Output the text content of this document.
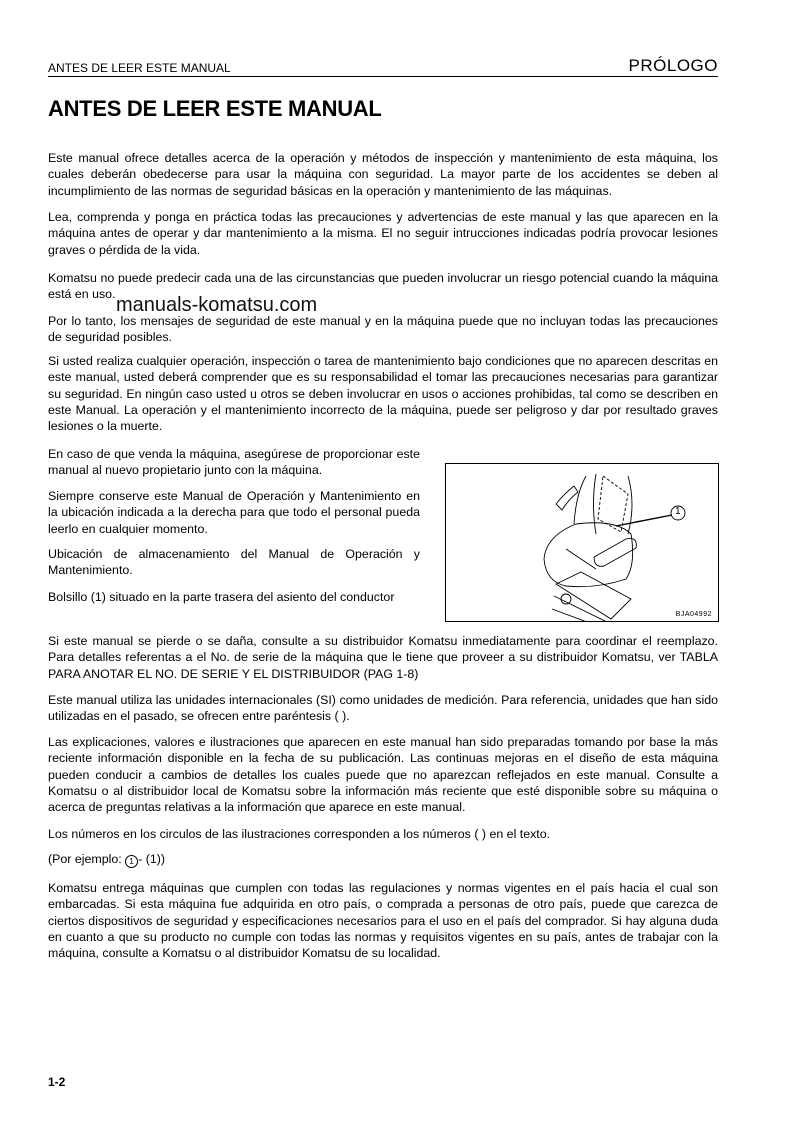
ANTES DE LEER ESTE MANUAL	PRÓLOGO
ANTES DE LEER ESTE MANUAL

Este manual ofrece detalles acerca de la operación y métodos de inspección y mantenimiento de esta máquina, los cuales deberán obedecerse para usar la máquina con seguridad. La mayor parte de los accidentes se deben al incumplimiento de las normas de seguridad básicas en la operación y mantenimiento de las máquinas.

Lea, comprenda y ponga en práctica todas las precauciones y advertencias de este manual y las que aparecen en la máquina antes de operar y dar mantenimiento a la misma. El no seguir intrucciones indicadas podría provocar lesiones graves o pérdida de la vida.

Komatsu no puede predecir cada una de las circunstancias que pueden involucrar un riesgo potencial cuando la máquina está en uso. manuals-komatsu.com

Por lo tanto, los mensajes de seguridad de este manual y en la máquina puede que no incluyan todas las precauciones de seguridad posibles.

Si usted realiza cualquier operación, inspección o tarea de mantenimiento bajo condiciones que no aparecen descritas en este manual, usted deberá comprender que es su responsabilidad el tomar las precauciones necesarias para garantizar su seguridad. En ningún caso usted u otros se deben involucrar en usos o acciones prohibidas, tal como se describen en este Manual. La operación y el mantenimiento incorrecto de la máquina, puede ser peligroso y dar por resultado graves lesiones o la muerte.

En caso de que venda la máquina, asegúrese de proporcionar este manual al nuevo propietario junto con la máquina.

Siempre conserve este Manual de Operación y Mantenimiento en la ubicación indicada a la derecha para que todo el personal pueda leerlo en cualquier momento.

Ubicación de almacenamiento del Manual de Operación y Mantenimiento.

Bolsillo (1) situado en la parte trasera del asiento del conductor

1
BJA04992

Si este manual se pierde o se daña, consulte a su distribuidor Komatsu inmediatamente para coordinar el reemplazo. Para detalles referentas a el No. de serie de la máquina que le tiene que proveer a su distribuidor Komatsu, ver TABLA PARA ANOTAR EL NO. DE SERIE Y EL DISTRIBUIDOR (PAG 1-8)

Este manual utiliza las unidades internacionales (SI) como unidades de medición. Para referencia, unidades que han sido utilizadas en el pasado, se ofrecen entre paréntesis ( ).

Las explicaciones, valores e ilustraciones que aparecen en este manual han sido preparadas tomando por base la más reciente información disponible en la fecha de su publicación. Las continuas mejoras en el diseño de esta máquina pueden conducir a cambios de detalles los cuales puede que no aparezcan reflejados en este manual. Consulte a Komatsu o al distribuidor local de Komatsu sobre la información más reciente que esté disponible sobre su máquina o acerca de preguntas relativas a la información que aparece en este manual.

Los números en los circulos de las ilustraciones corresponden a los números ( ) en el texto.

(Por ejemplo: 1 - (1))

Komatsu entrega máquinas que cumplen con todas las regulaciones y normas vigentes en el país hacia el cual son embarcadas. Si esta máquina fue adquirida en otro país, o comprada a personas de otro país, puede que carezca de ciertos dispositivos de seguridad y especificaciones necesarios para el uso en el país del comprador. Si hay alguna duda en cuanto a que su producto no cumple con todas las normas y requisitos vigentes en su país, antes de trabajar con la máquina, consulte a Komatsu o al distribuidor Komatsu de su localidad.

1-2
